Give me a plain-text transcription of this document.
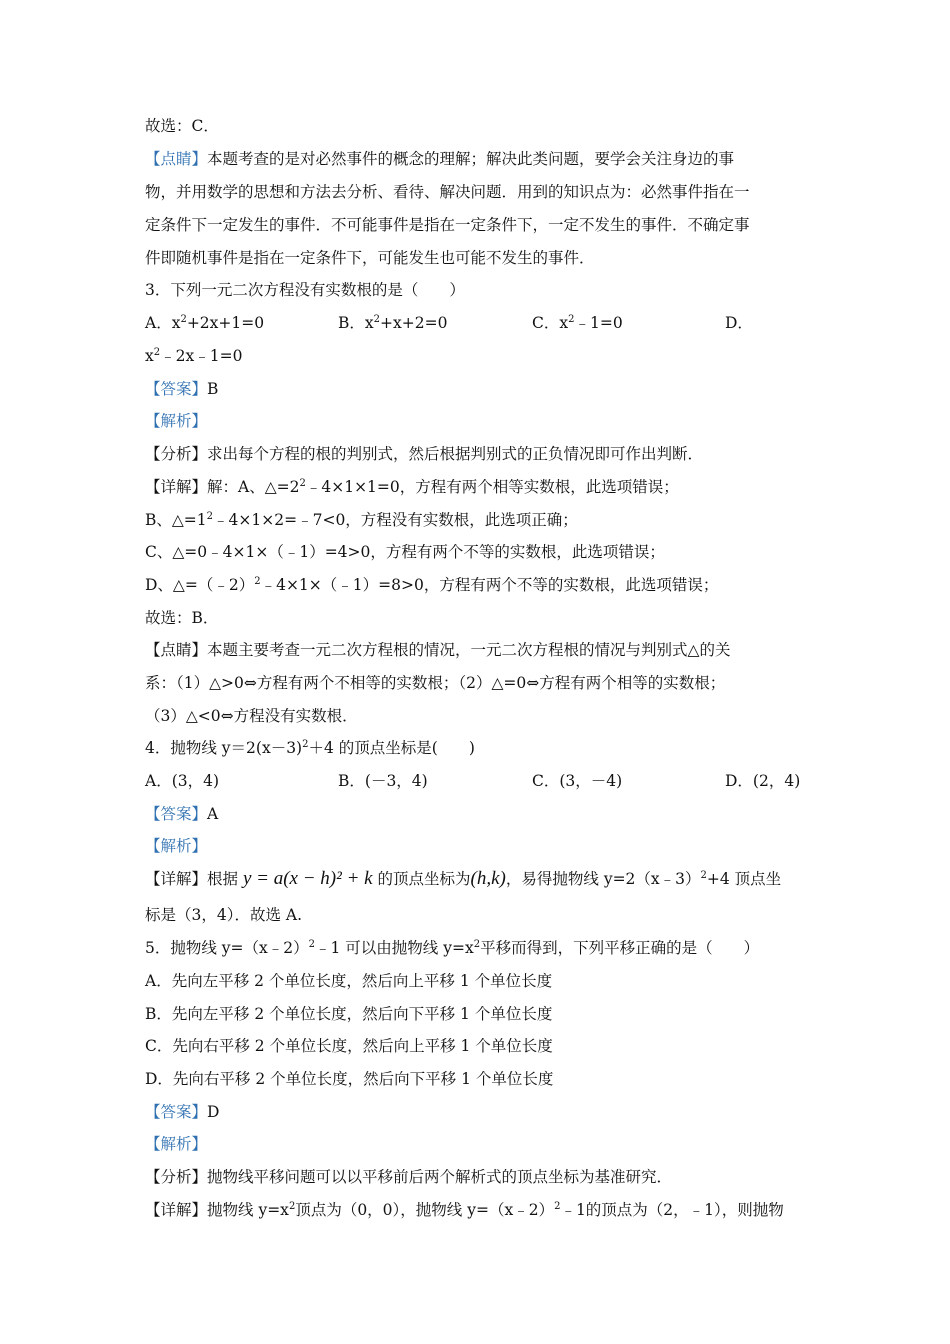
故选：C．
【点睛】本题考查的是对必然事件的概念的理解；解决此类问题，要学会关注身边的事
物，并用数学的思想和方法去分析、看待、解决问题．用到的知识点为：必然事件指在一
定条件下一定发生的事件．不可能事件是指在一定条件下，一定不发生的事件．不确定事
件即随机事件是指在一定条件下，可能发生也可能不发生的事件．
3．下列一元二次方程没有实数根的是（　　）
A．$x^2+2x+1=0$	B．$x^2+x+2=0$	C．$x^2﹣1=0$	D．
$x^2﹣2x﹣1=0$
【答案】B
【解析】
【分析】求出每个方程的根的判别式，然后根据判别式的正负情况即可作出判断．
【详解】解：A、$\triangle=2^2﹣4\times 1\times 1=0$，方程有两个相等实数根，此选项错误；
B、$\triangle=1^2﹣4\times 1\times 2=﹣7<0$，方程没有实数根，此选项正确；
C、△=0﹣4×1×（﹣1）=4>0，方程有两个不等的实数根，此选项错误；
D、△=（﹣2）$^2$﹣4×1×（﹣1）=8>0，方程有两个不等的实数根，此选项错误；
故选：B．
【点睛】本题主要考查一元二次方程根的情况，一元二次方程根的情况与判别式△的关
系：（1）△>0⇔方程有两个不相等的实数根；（2）△=0⇔方程有两个相等的实数根；
（3）△<0⇔方程没有实数根．
4．抛物线 $y=2(x-3)^2+4$ 的顶点坐标是(　　)
A．(3，4)	B．(－3，4)	C．(3，－4)	D．(2，4)
【答案】A
【解析】
【详解】根据 y = a(x − h)² + k 的顶点坐标为(h,k)，易得抛物线 y=2（x﹣3）$^2$+4 顶点坐
标是（3，4）．故选 A.
5．抛物线 y=（x﹣2）$^2$﹣1 可以由抛物线 $y=x^2$平移而得到，下列平移正确的是（　　）
A．先向左平移 2 个单位长度，然后向上平移 1 个单位长度
B．先向左平移 2 个单位长度，然后向下平移 1 个单位长度
C．先向右平移 2 个单位长度，然后向上平移 1 个单位长度
D．先向右平移 2 个单位长度，然后向下平移 1 个单位长度
【答案】D
【解析】
【分析】抛物线平移问题可以以平移前后两个解析式的顶点坐标为基准研究．
【详解】抛物线 $y=x^2$顶点为（0，0），抛物线 y=（x﹣2）$^2$﹣1的顶点为（2，﹣1），则抛物
